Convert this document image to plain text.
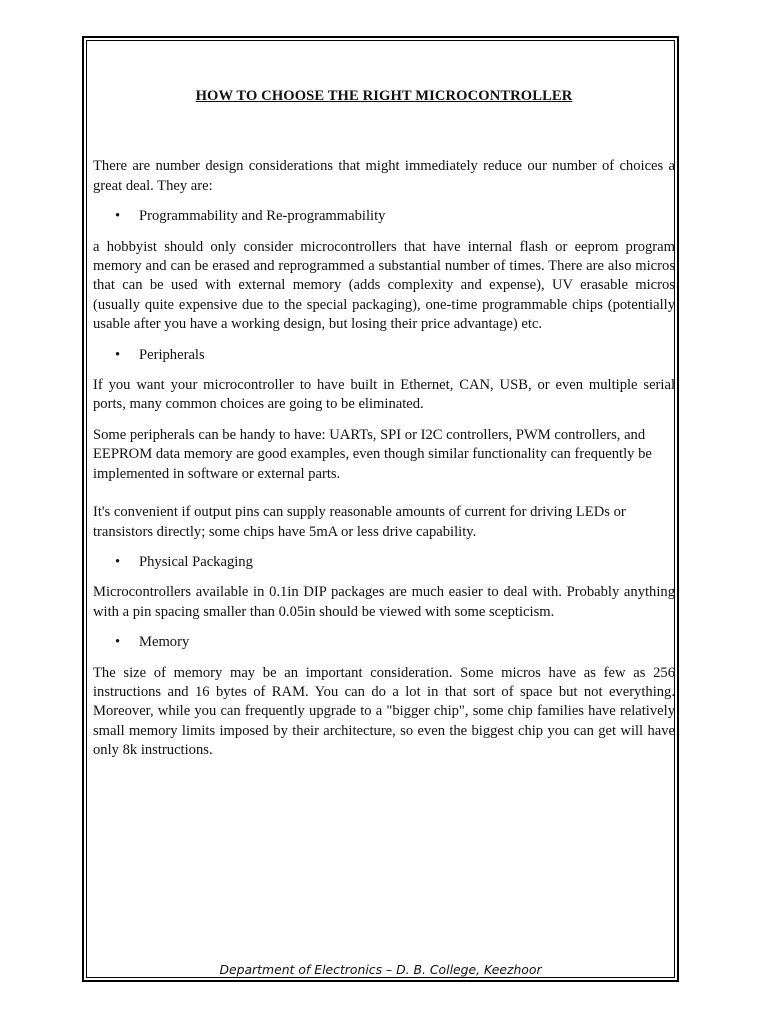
HOW TO CHOOSE THE RIGHT MICROCONTROLLER

There are number design considerations that might immediately reduce our number of choices a great deal. They are:

• Programmability and Re-programmability

a hobbyist should only consider microcontrollers that have internal flash or eeprom program memory and can be erased and reprogrammed a substantial number of times. There are also micros that can be used with external memory (adds complexity and expense), UV erasable micros (usually quite expensive due to the special packaging), one-time programmable chips (potentially usable after you have a working design, but losing their price advantage) etc.

• Peripherals

If you want your microcontroller to have built in Ethernet, CAN, USB, or even multiple serial ports, many common choices are going to be eliminated.

Some peripherals can be handy to have: UARTs, SPI or I2C controllers, PWM controllers, and EEPROM data memory are good examples, even though similar functionality can frequently be implemented in software or external parts.

It's convenient if output pins can supply reasonable amounts of current for driving LEDs or transistors directly; some chips have 5mA or less drive capability.

• Physical Packaging

Microcontrollers available in 0.1in DIP packages are much easier to deal with. Probably anything with a pin spacing smaller than 0.05in should be viewed with some scepticism.

• Memory

The size of memory may be an important consideration. Some micros have as few as 256 instructions and 16 bytes of RAM. You can do a lot in that sort of space but not everything. Moreover, while you can frequently upgrade to a "bigger chip", some chip families have relatively small memory limits imposed by their architecture, so even the biggest chip you can get will have only 8k instructions.

Department of Electronics – D. B. College, Keezhoor
